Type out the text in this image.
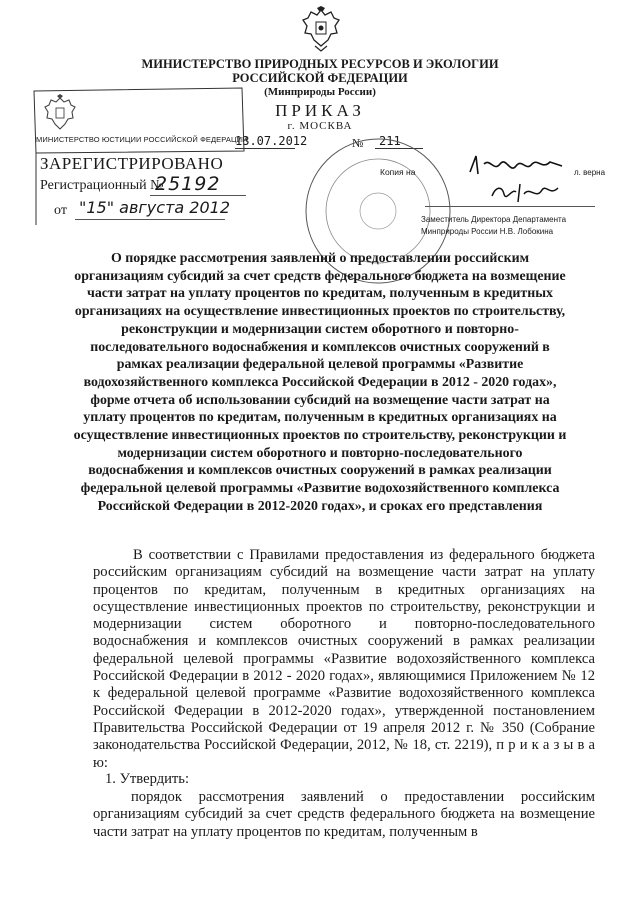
МИНИСТЕРСТВО ПРИРОДНЫХ РЕСУРСОВ И ЭКОЛОГИИ
РОССИЙСКОЙ ФЕДЕРАЦИИ
(Минприроды России)
ПРИКАЗ
г. МОСКВА
13.07.2012	№	211
МИНИСТЕРСТВО ЮСТИЦИИ РОССИЙСКОЙ ФЕДЕРАЦИИ
ЗАРЕГИСТРИРОВАНО
Регистрационный №
25192
от "15" августа 2012
Копия на	л. верна
Заместитель Директора Департамента
Минприроды России Н.В. Лобокина
О порядке рассмотрения заявлений о предоставлении российским организациям субсидий за счет средств федерального бюджета на возмещение части затрат на уплату процентов по кредитам, полученным в кредитных организациях на осуществление инвестиционных проектов по строительству, реконструкции и модернизации систем оборотного и повторно-последовательного водоснабжения и комплексов очистных сооружений в рамках реализации федеральной целевой программы «Развитие водохозяйственного комплекса Российской Федерации в 2012 - 2020 годах», форме отчета об использовании субсидий на возмещение части затрат на уплату процентов по кредитам, полученным в кредитных организациях на осуществление инвестиционных проектов по строительству, реконструкции и модернизации систем оборотного и повторно-последовательного водоснабжения и комплексов очистных сооружений в рамках реализации федеральной целевой программы «Развитие водохозяйственного комплекса Российской Федерации в 2012-2020 годах», и сроках его представления
В соответствии с Правилами предоставления из федерального бюджета российским организациям субсидий на возмещение части затрат на уплату процентов по кредитам, полученным в кредитных организациях на осуществление инвестиционных проектов по строительству, реконструкции и модернизации систем оборотного и повторно-последовательного водоснабжения и комплексов очистных сооружений в рамках реализации федеральной целевой программы «Развитие водохозяйственного комплекса Российской Федерации в 2012 - 2020 годах», являющимися Приложением № 12 к федеральной целевой программе «Развитие водохозяйственного комплекса Российской Федерации в 2012-2020 годах», утвержденной постановлением Правительства Российской Федерации от 19 апреля 2012 г. № 350 (Собрание законодательства Российской Федерации, 2012, № 18, ст. 2219), п р и к а з ы в а ю:
1. Утвердить:
порядок рассмотрения заявлений о предоставлении российским организациям субсидий за счет средств федерального бюджета на возмещение части затрат на уплату процентов по кредитам, полученным в
